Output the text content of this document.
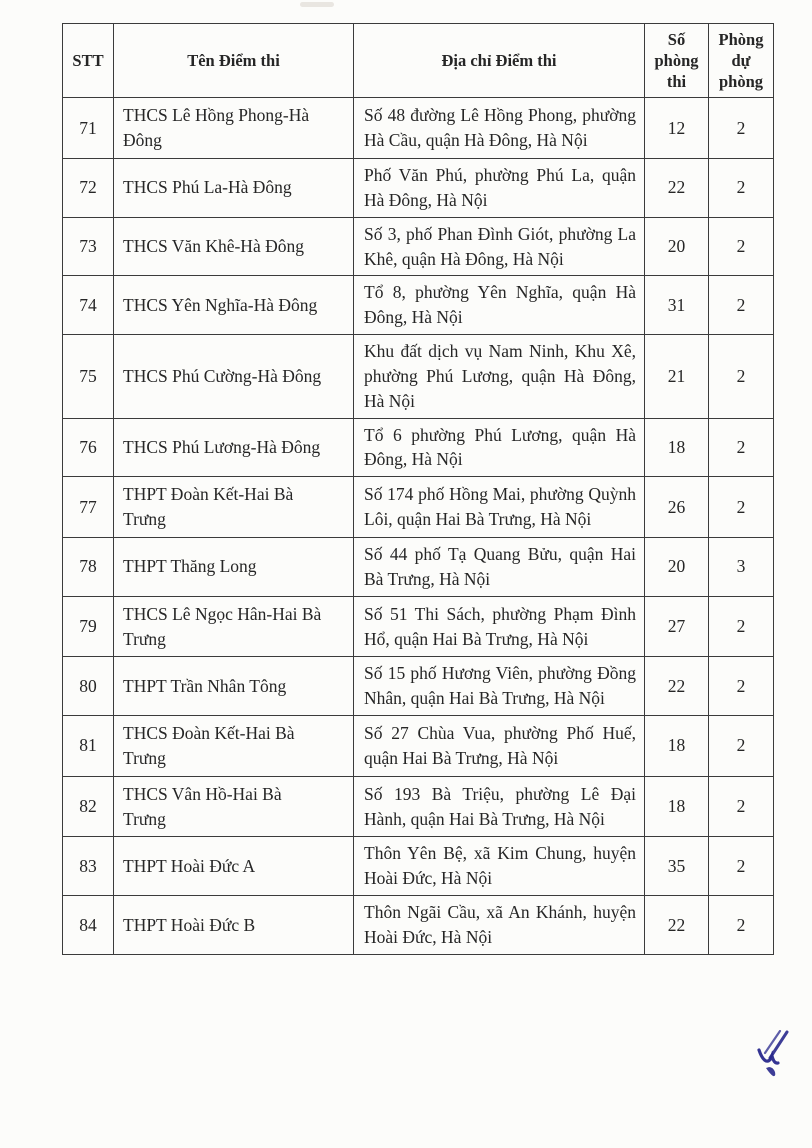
STT	Tên Điểm thi	Địa chỉ Điểm thi	Số phòng thi	Phòng dự phòng
71	THCS Lê Hồng Phong-Hà Đông	Số 48 đường Lê Hồng Phong, phường Hà Cầu, quận Hà Đông, Hà Nội	12	2
72	THCS Phú La-Hà Đông	Phố Văn Phú, phường Phú La, quận Hà Đông, Hà Nội	22	2
73	THCS Văn Khê-Hà Đông	Số 3, phố Phan Đình Giót, phường La Khê, quận Hà Đông, Hà Nội	20	2
74	THCS Yên Nghĩa-Hà Đông	Tổ 8, phường Yên Nghĩa, quận Hà Đông, Hà Nội	31	2
75	THCS Phú Cường-Hà Đông	Khu đất dịch vụ Nam Ninh, Khu Xê, phường Phú Lương, quận Hà Đông, Hà Nội	21	2
76	THCS Phú Lương-Hà Đông	Tổ 6 phường Phú Lương, quận Hà Đông, Hà Nội	18	2
77	THPT Đoàn Kết-Hai Bà Trưng	Số 174 phố Hồng Mai, phường Quỳnh Lôi, quận Hai Bà Trưng, Hà Nội	26	2
78	THPT Thăng Long	Số 44 phố Tạ Quang Bửu, quận Hai Bà Trưng, Hà Nội	20	3
79	THCS Lê Ngọc Hân-Hai Bà Trưng	Số 51 Thi Sách, phường Phạm Đình Hổ, quận Hai Bà Trưng, Hà Nội	27	2
80	THPT Trần Nhân Tông	Số 15 phố Hương Viên, phường Đồng Nhân, quận Hai Bà Trưng, Hà Nội	22	2
81	THCS Đoàn Kết-Hai Bà Trưng	Số 27 Chùa Vua, phường Phố Huế, quận Hai Bà Trưng, Hà Nội	18	2
82	THCS Vân Hồ-Hai Bà Trưng	Số 193 Bà Triệu, phường Lê Đại Hành, quận Hai Bà Trưng, Hà Nội	18	2
83	THPT Hoài Đức A	Thôn Yên Bệ, xã Kim Chung, huyện Hoài Đức, Hà Nội	35	2
84	THPT Hoài Đức B	Thôn Ngãi Cầu, xã An Khánh, huyện Hoài Đức, Hà Nội	22	2
